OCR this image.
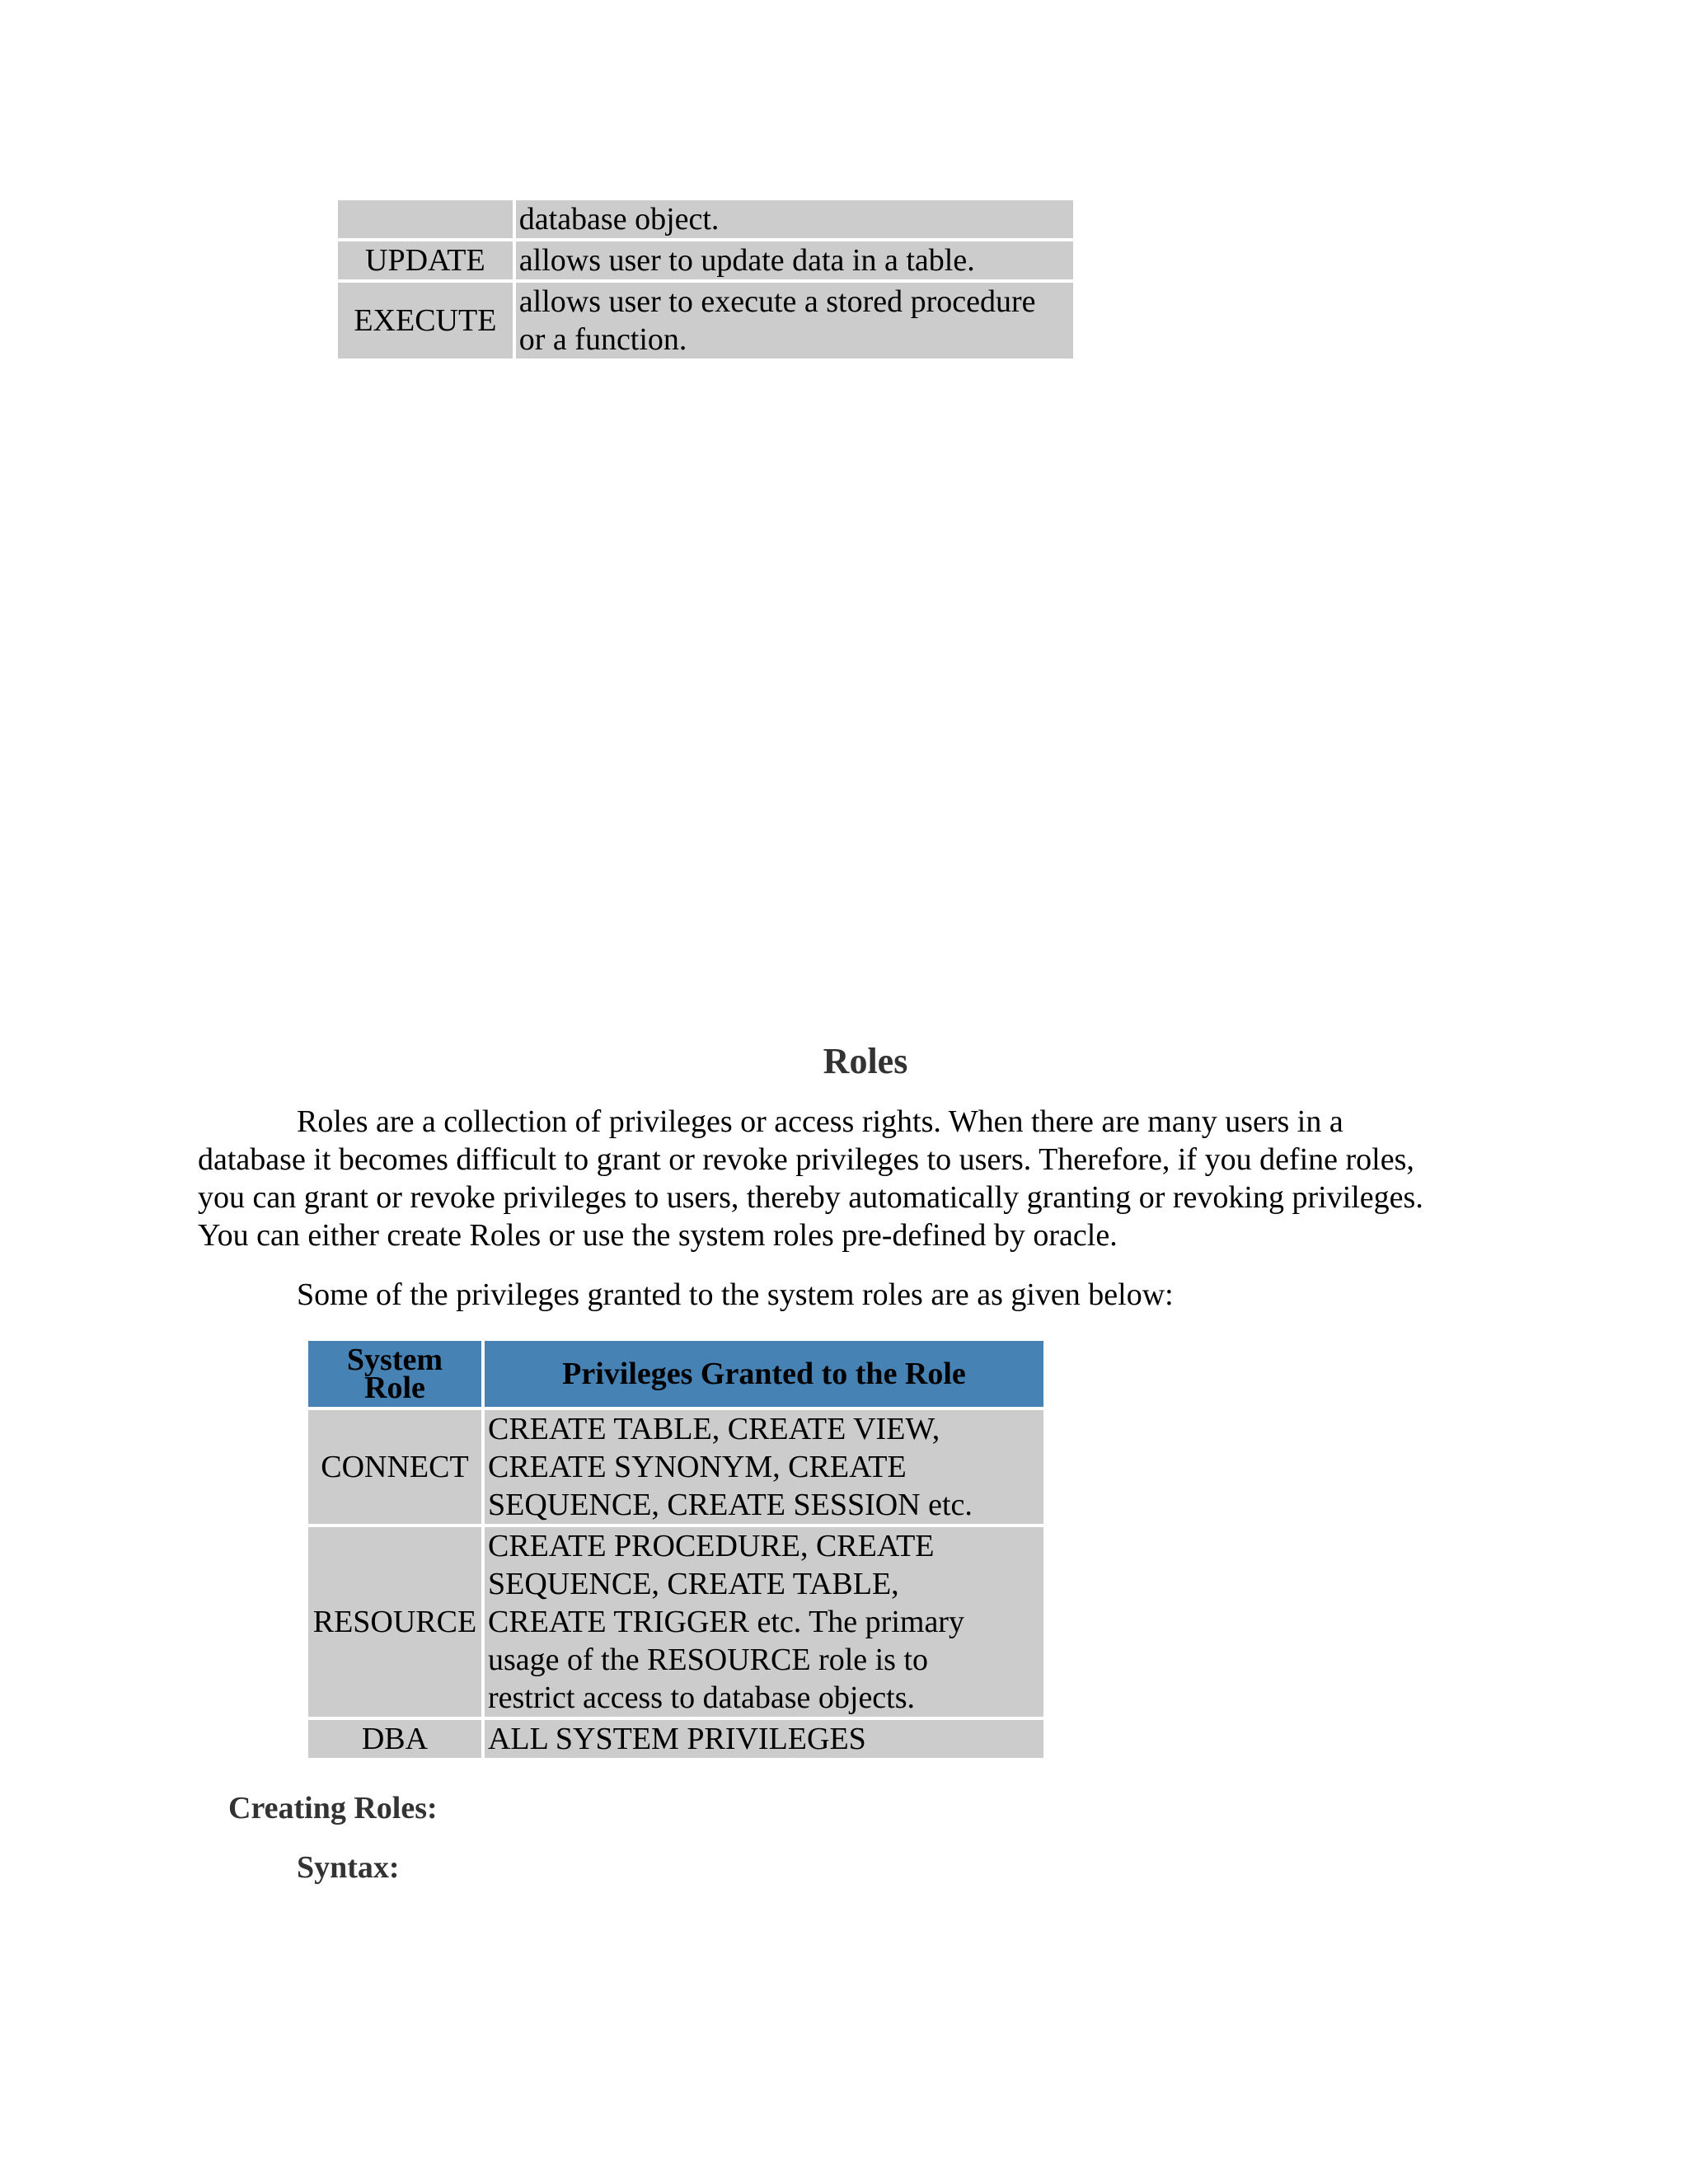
	database object.
UPDATE	allows user to update data in a table.
EXECUTE	allows user to execute a stored procedure
or a function.
Roles
Roles are a collection of privileges or access rights. When there are many users in a database it becomes difficult to grant or revoke privileges to users. Therefore, if you define roles, you can grant or revoke privileges to users, thereby automatically granting or revoking privileges. You can either create Roles or use the system roles pre-defined by oracle.
Some of the privileges granted to the system roles are as given below:
System
Role	Privileges Granted to the Role
CONNECT	CREATE TABLE, CREATE VIEW,
CREATE SYNONYM, CREATE
SEQUENCE, CREATE SESSION etc.
RESOURCE	CREATE PROCEDURE, CREATE
SEQUENCE, CREATE TABLE,
CREATE TRIGGER etc. The primary
usage of the RESOURCE role is to
restrict access to database objects.
DBA	ALL SYSTEM PRIVILEGES
Creating Roles:
Syntax:
